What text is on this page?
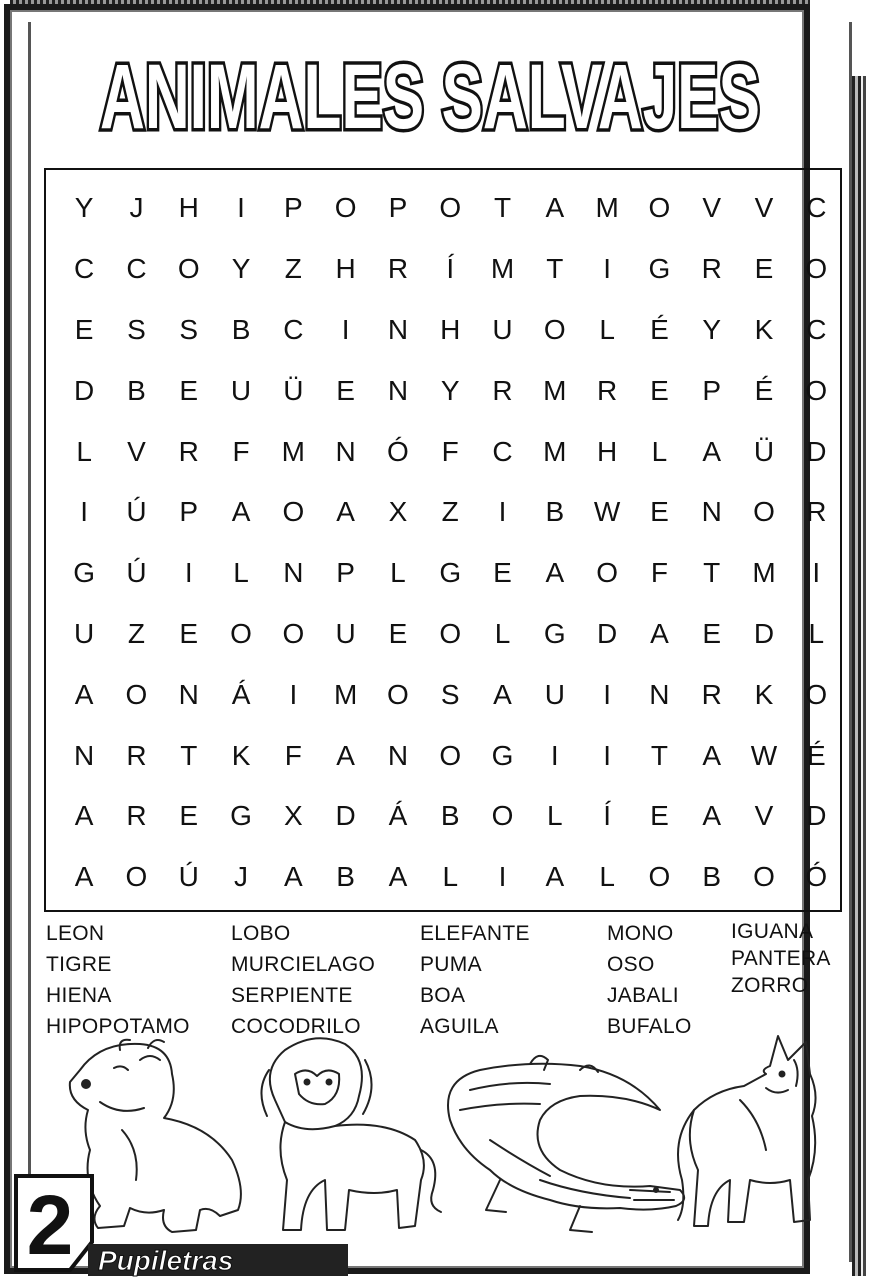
ANIMALES SALVAJES
Y	J	H	I	P	O	P	O	T	A	M	O	V	V	C
C	C	O	Y	Z	H	R	Í	M	T	I	G	R	E	O
E	S	S	B	C	I	N	H	U	O	L	É	Y	K	C
D	B	E	U	Ü	E	N	Y	R	M	R	E	P	É	O
L	V	R	F	M	N	Ó	F	C	M	H	L	A	Ü	D
I	Ú	P	A	O	A	X	Z	I	B	W	E	N	O	R
G	Ú	I	L	N	P	L	G	E	A	O	F	T	M	I
U	Z	E	O	O	U	E	O	L	G	D	A	E	D	L
A	O	N	Á	I	M	O	S	A	U	I	N	R	K	O
N	R	T	K	F	A	N	O	G	I	I	T	A	W	É
A	R	E	G	X	D	Á	B	O	L	Í	E	A	V	D
A	O	Ú	J	A	B	A	L	I	A	L	O	B	O	Ó
LEON
TIGRE
HIENA
HIPOPOTAMO
LOBO
MURCIELAGO
SERPIENTE
COCODRILO
ELEFANTE
PUMA
BOA
AGUILA
MONO
OSO
JABALI
BUFALO
IGUANA
PANTERA
ZORRO
2 Pupiletras
